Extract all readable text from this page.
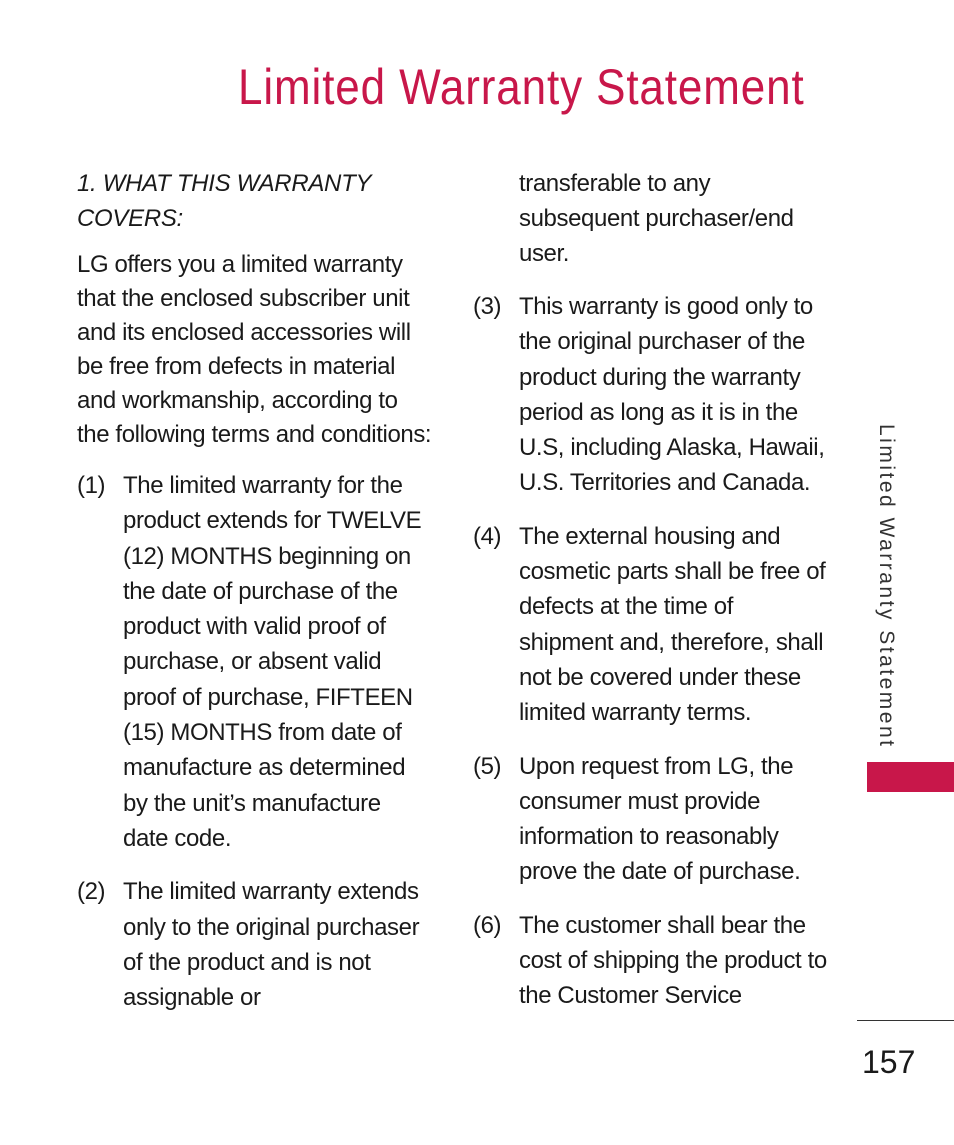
Limited Warranty Statement
1. WHAT THIS WARRANTY COVERS:

LG offers you a limited warranty that the enclosed subscriber unit and its enclosed accessories will be free from defects in material and workmanship, according to the following terms and conditions:

(1) The limited warranty for the product extends for TWELVE (12) MONTHS beginning on the date of purchase of the product with valid proof of purchase, or absent valid proof of purchase, FIFTEEN (15) MONTHS from date of manufacture as determined by the unit’s manufacture date code.
(2) The limited warranty extends only to the original purchaser of the product and is not assignable or
transferable to any subsequent purchaser/end user.
(3) This warranty is good only to the original purchaser of the product during the warranty period as long as it is in the U.S, including Alaska, Hawaii, U.S. Territories and Canada.
(4) The external housing and cosmetic parts shall be free of defects at the time of shipment and, therefore, shall not be covered under these limited warranty terms.
(5) Upon request from LG, the consumer must provide information to reasonably prove the date of purchase.
(6) The customer shall bear the cost of shipping the product to the Customer Service
Limited Warranty Statement
157
